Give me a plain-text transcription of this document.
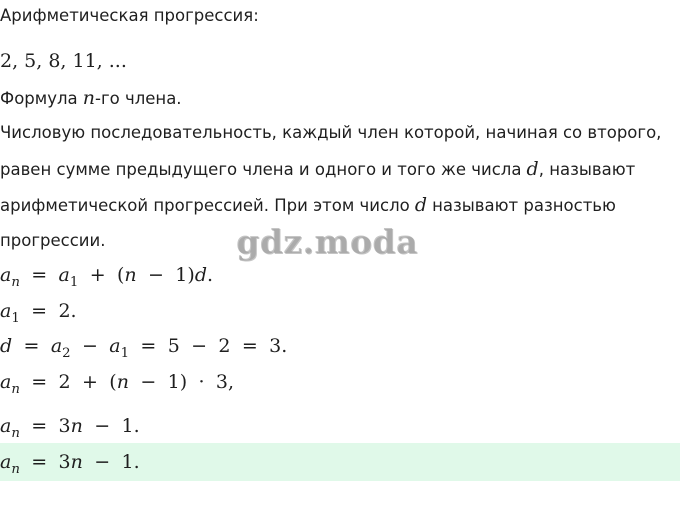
Арифметическая прогрессия:
2, 5, 8, 11, ...
Формула n-го члена.
Числовую последовательность, каждый член которой, начиная со второго,
равен сумме предыдущего члена и одного и того же числа d, называют
арифметической прогрессией. При этом число d называют разностью
прогрессии.	gdz.moda
$a_n = a_1 + (n - 1)d$.
$a_1 = 2$.
$d = a_2 - a_1 = 5 - 2 = 3$.
$a_n = 2 + (n - 1) \cdot 3$,
$a_n = 3n - 1$.
$a_n = 3n - 1$.
